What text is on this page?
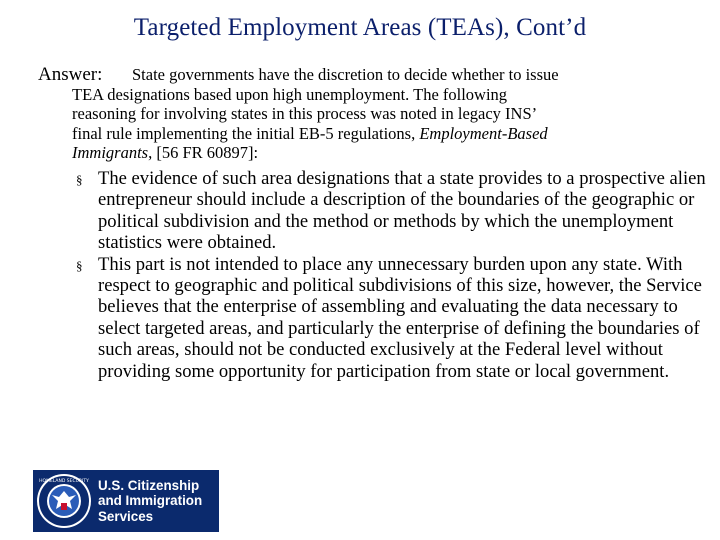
Targeted Employment Areas (TEAs), Cont’d
Answer: State governments have the discretion to decide whether to issue
TEA designations based upon high unemployment. The following
reasoning for involving states in this process was noted in legacy INS’
final rule implementing the initial EB-5 regulations, Employment-Based
Immigrants, [56 FR 60897]:
§ The evidence of such area designations that a state provides to a prospective alien entrepreneur should include a description of the boundaries of the geographic or political subdivision and the method or methods by which the unemployment statistics were obtained.
§ This part is not intended to place any unnecessary burden upon any state. With respect to geographic and political subdivisions of this size, however, the Service believes that the enterprise of assembling and evaluating the data necessary to select targeted areas, and particularly the enterprise of defining the boundaries of such areas, should not be conducted exclusively at the Federal level without providing some opportunity for participation from state or local government.
HOMELAND SECURITY U.S. Citizenship
and Immigration
Services
